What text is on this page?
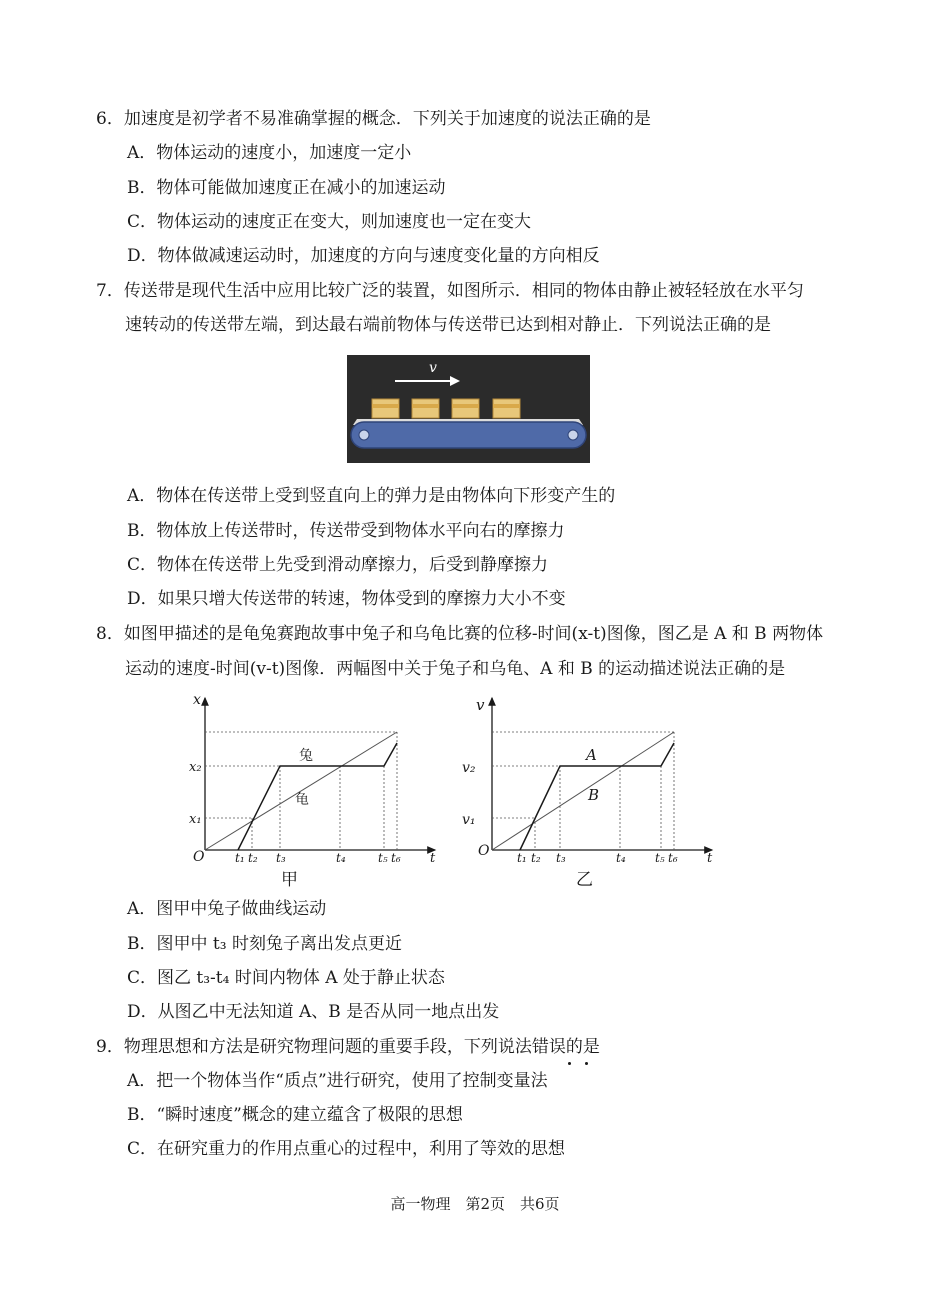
6．加速度是初学者不易准确掌握的概念．下列关于加速度的说法正确的是
A．物体运动的速度小，加速度一定小
B．物体可能做加速度正在减小的加速运动
C．物体运动的速度正在变大，则加速度也一定在变大
D．物体做减速运动时，加速度的方向与速度变化量的方向相反
7．传送带是现代生活中应用比较广泛的装置，如图所示．相同的物体由静止被轻轻放在水平匀
速转动的传送带左端，到达最右端前物体与传送带已达到相对静止．下列说法正确的是
v
A．物体在传送带上受到竖直向上的弹力是由物体向下形变产生的
B．物体放上传送带时，传送带受到物体水平向右的摩擦力
C．物体在传送带上先受到滑动摩擦力，后受到静摩擦力
D．如果只增大传送带的转速，物体受到的摩擦力大小不变
8．如图甲描述的是龟兔赛跑故事中兔子和乌龟比赛的位移-时间(x-t)图像，图乙是 A 和 B 两物体
运动的速度-时间(v-t)图像．两幅图中关于兔子和乌龟、A 和 B 的运动描述说法正确的是
x
t
O
x₂
x₁
t₁ t₂ t₃	t₄	t₅ t₆
兔
龟
甲
v
t
O
v₂
v₁
t₁ t₂ t₃	t₄ t₅ t₆
A
B
乙
A．图甲中兔子做曲线运动
B．图甲中 t₃ 时刻兔子离出发点更近
C．图乙 t₃-t₄ 时间内物体 A 处于静止状态
D．从图乙中无法知道 A、B 是否从同一地点出发
9．物理思想和方法是研究物理问题的重要手段，下列说法错误的是
A．把一个物体当作“质点”进行研究，使用了控制变量法
B．“瞬时速度”概念的建立蕴含了极限的思想
C．在研究重力的作用点重心的过程中，利用了等效的思想
高一物理　第2页　共6页
